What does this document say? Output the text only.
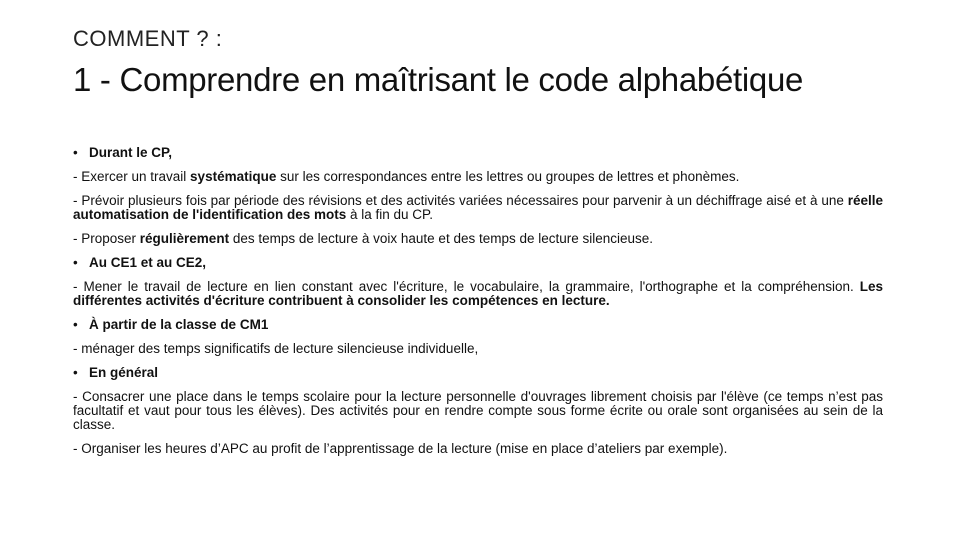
COMMENT ? :
1 - Comprendre en maîtrisant le code alphabétique

• Durant le CP,

- Exercer un travail systématique sur les correspondances entre les lettres ou groupes de lettres et phonèmes.

- Prévoir plusieurs fois par période des révisions et des activités variées nécessaires pour parvenir à un déchiffrage aisé et à une réelle automatisation de l'identification des mots à la fin du CP.

- Proposer régulièrement des temps de lecture à voix haute et des temps de lecture silencieuse.

• Au CE1 et au CE2,

- Mener le travail de lecture en lien constant avec l'écriture, le vocabulaire, la grammaire, l'orthographe et la compréhension. Les différentes activités d'écriture contribuent à consolider les compétences en lecture.

• À partir de la classe de CM1

- ménager des temps significatifs de lecture silencieuse individuelle,

• En général

- Consacrer une place dans le temps scolaire pour la lecture personnelle d'ouvrages librement choisis par l'élève (ce temps n’est pas facultatif et vaut pour tous les élèves). Des activités pour en rendre compte sous forme écrite ou orale sont organisées au sein de la classe.

- Organiser les heures d’APC au profit de l’apprentissage de la lecture (mise en place d’ateliers par exemple).
